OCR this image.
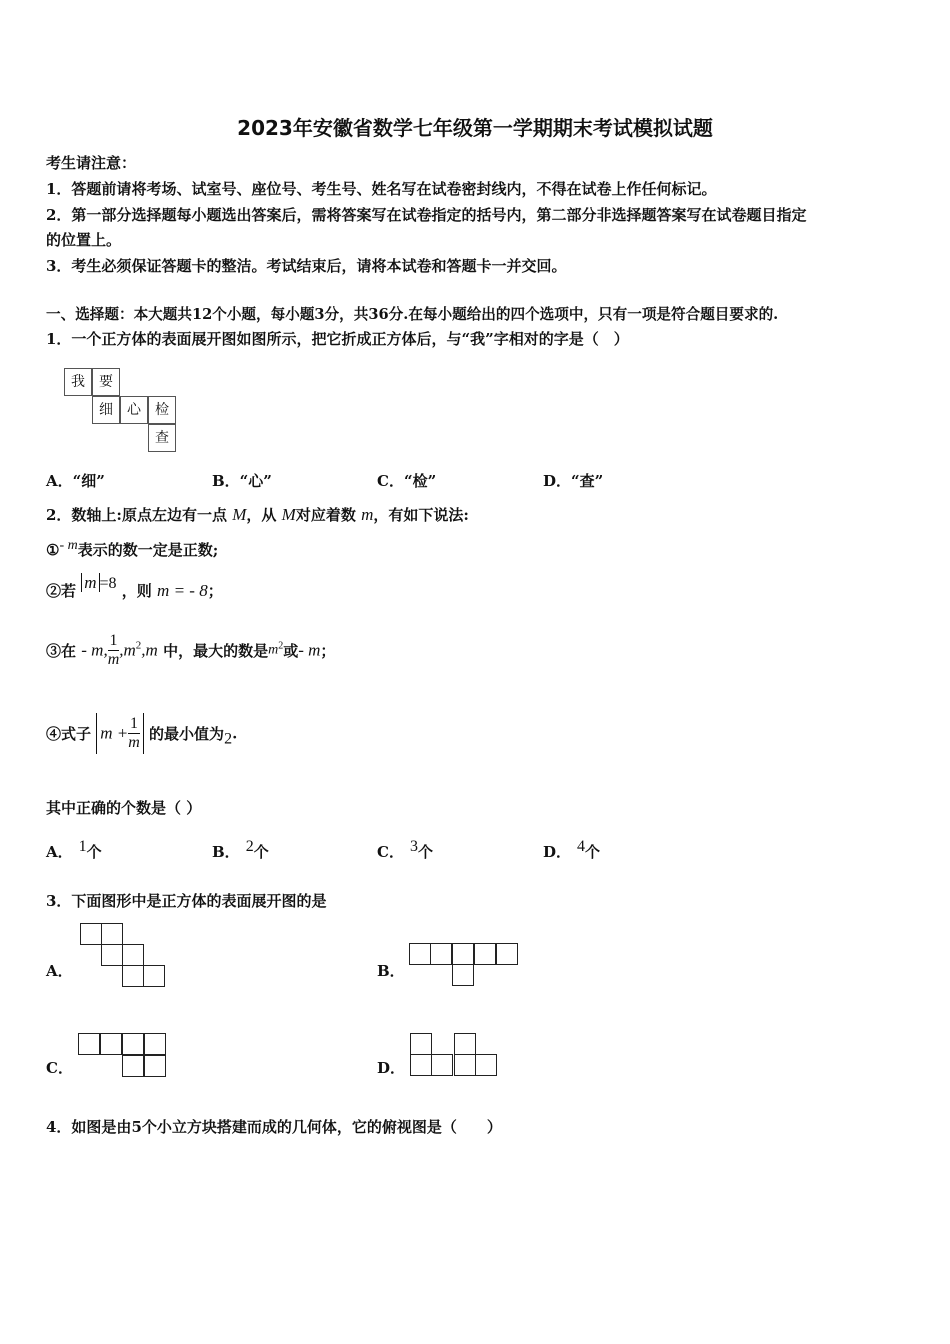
2023年安徽省数学七年级第一学期期末考试模拟试题
考生请注意：
1．答题前请将考场、试室号、座位号、考生号、姓名写在试卷密封线内，不得在试卷上作任何标记。
2．第一部分选择题每小题选出答案后，需将答案写在试卷指定的括号内，第二部分非选择题答案写在试卷题目指定
的位置上。
3．考生必须保证答题卡的整洁。考试结束后，请将本试卷和答题卡一并交回。
一、选择题：本大题共12个小题，每小题3分，共36分.在每小题给出的四个选项中，只有一项是符合题目要求的.
1．一个正方体的表面展开图如图所示，把它折成正方体后，与“我”字相对的字是（　）
我	要
细	心	检
查
A．“细”	B．“心”	C．“检”	D．“查”
2．数轴上:原点左边有一点 M，从 M对应着数 m，有如下说法:
①$^{- m}$表示的数一定是正数;
②若 m =8 ，则 m = - 8；
③在 - m, $\frac{1}{m} ,m^2,m$ 中，最大的数是$m^2$或- m；
④式子 $m + \frac{1}{m}$ 的最小值为2.
其中正确的个数是（ ）
A． $^1$个	B． $^2$个	C． $^3$个	D． $^4$个
3．下面图形中是正方体的表面展开图的是
A．	B．
C．	D．
4．如图是由5个小立方块搭建而成的几何体，它的俯视图是（　　）
